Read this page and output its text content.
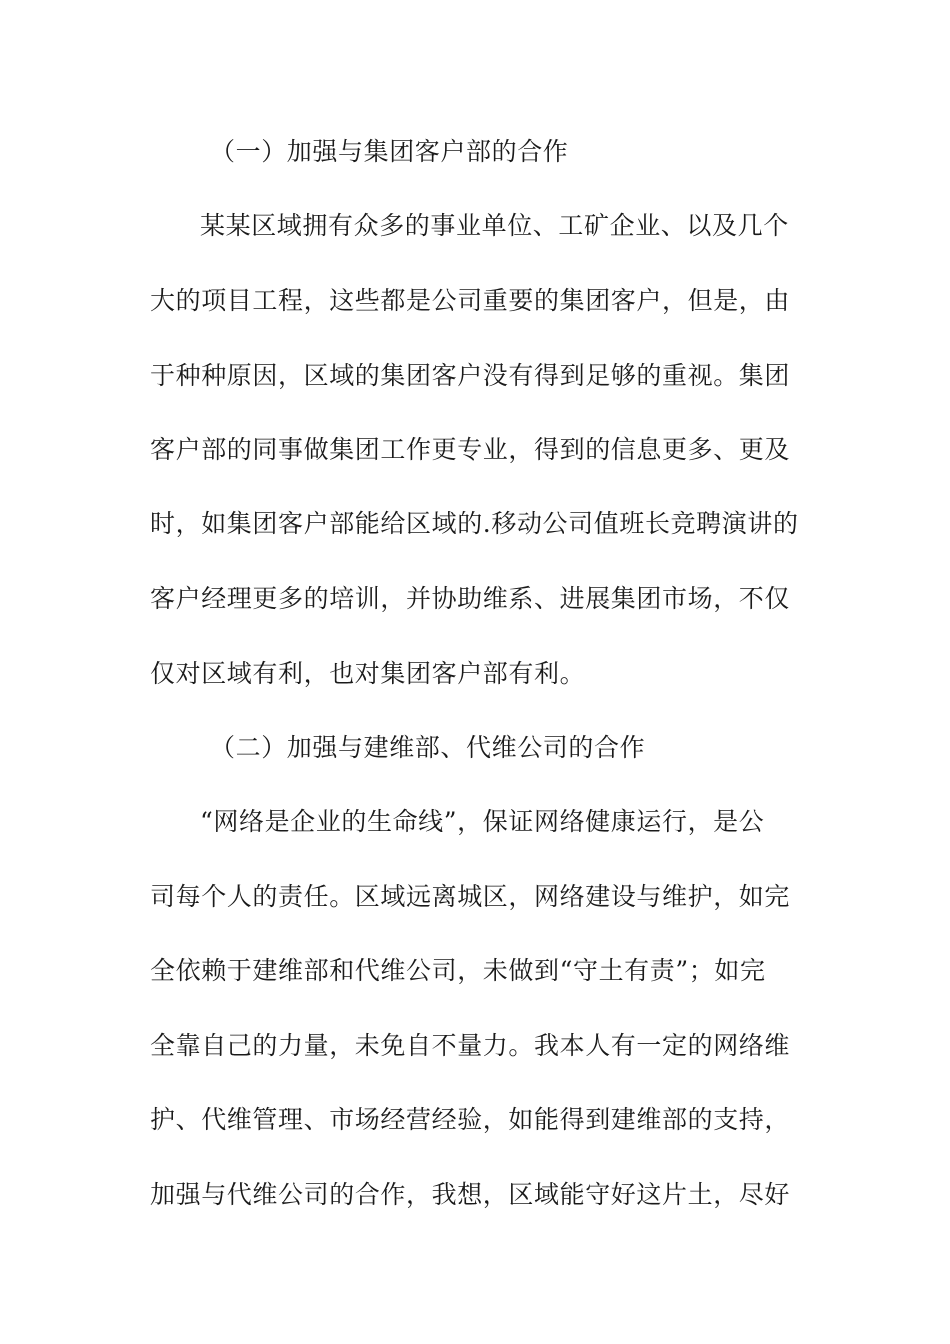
（一）加强与集团客户部的合作
某某区域拥有众多的事业单位、工矿企业、以及几个
大的项目工程，这些都是公司重要的集团客户，但是，由
于种种原因，区域的集团客户没有得到足够的重视。集团
客户部的同事做集团工作更专业，得到的信息更多、更及
时，如集团客户部能给区域的.移动公司值班长竞聘演讲的
客户经理更多的培训，并协助维系、进展集团市场，不仅
仅对区域有利，也对集团客户部有利。
（二）加强与建维部、代维公司的合作
“网络是企业的生命线”，保证网络健康运行，是公
司每个人的责任。区域远离城区，网络建设与维护，如完
全依赖于建维部和代维公司，未做到“守土有责”；如完
全靠自己的力量，未免自不量力。我本人有一定的网络维
护、代维管理、市场经营经验，如能得到建维部的支持，
加强与代维公司的合作，我想，区域能守好这片土，尽好
